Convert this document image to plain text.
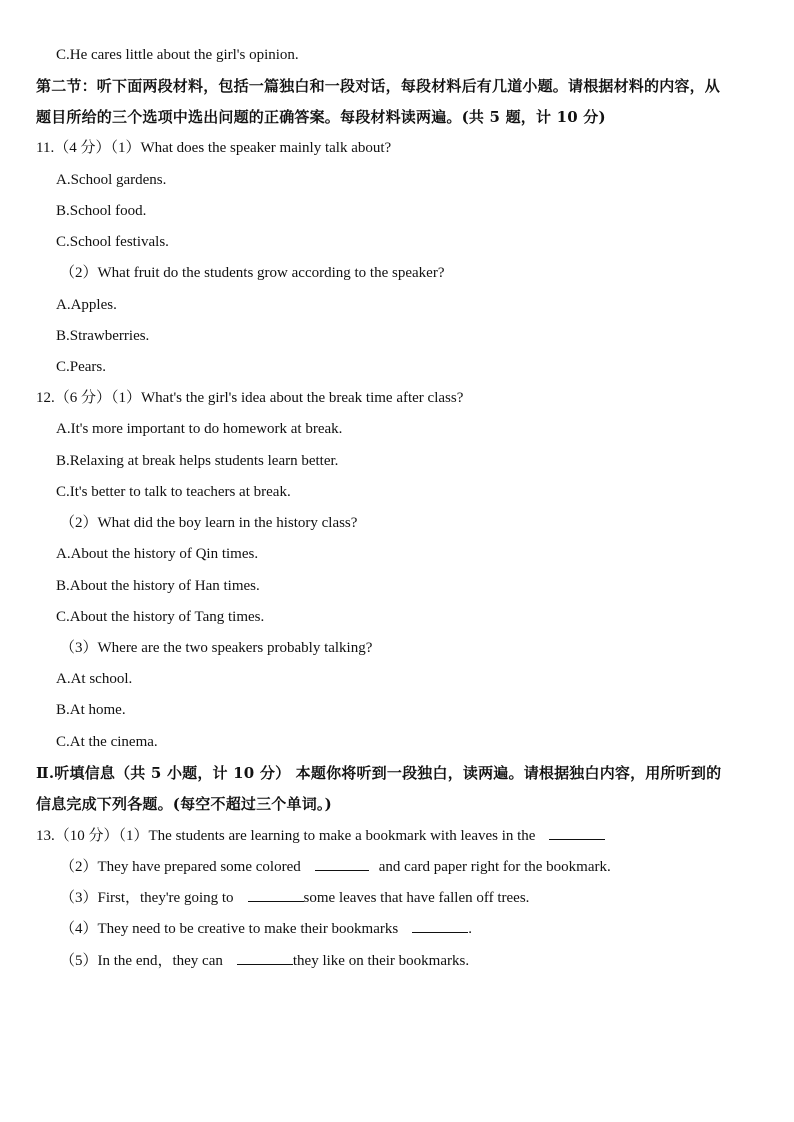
C.He cares little about the girl's opinion.
第二节：听下面两段材料，包括一篇独白和一段对话，每段材料后有几道小题。请根据材料的内容，从
题目所给的三个选项中选出问题的正确答案。每段材料读两遍。(共 5 题，计 10 分)
11.（4 分）（1）What does the speaker mainly talk about?
A.School gardens.
B.School food.
C.School festivals.
（2）What fruit do the students grow according to the speaker?
A.Apples.
B.Strawberries.
C.Pears.
12.（6 分）（1）What's the girl's idea about the break time after class?
A.It's more important to do homework at break.
B.Relaxing at break helps students learn better.
C.It's better to talk to teachers at break.
（2）What did the boy learn in the history class?
A.About the history of Qin times.
B.About the history of Han times.
C.About the history of Tang times.
（3）Where are the two speakers probably talking?
A.At school.
B.At home.
C.At the cinema.
Ⅱ.听填信息（共 5 小题，计 10 分） 本题你将听到一段独白，读两遍。请根据独白内容，用所听到的
信息完成下列各题。(每空不超过三个单词。)
13.（10 分）（1）The students are learning to make a bookmark with leaves in the
（2）They have prepared some colored	and card paper right for the bookmark.
（3）First，they're going to	some leaves that have fallen off trees.
（4）They need to be creative to make their bookmarks	.
（5）In the end，they can	they like on their bookmarks.
